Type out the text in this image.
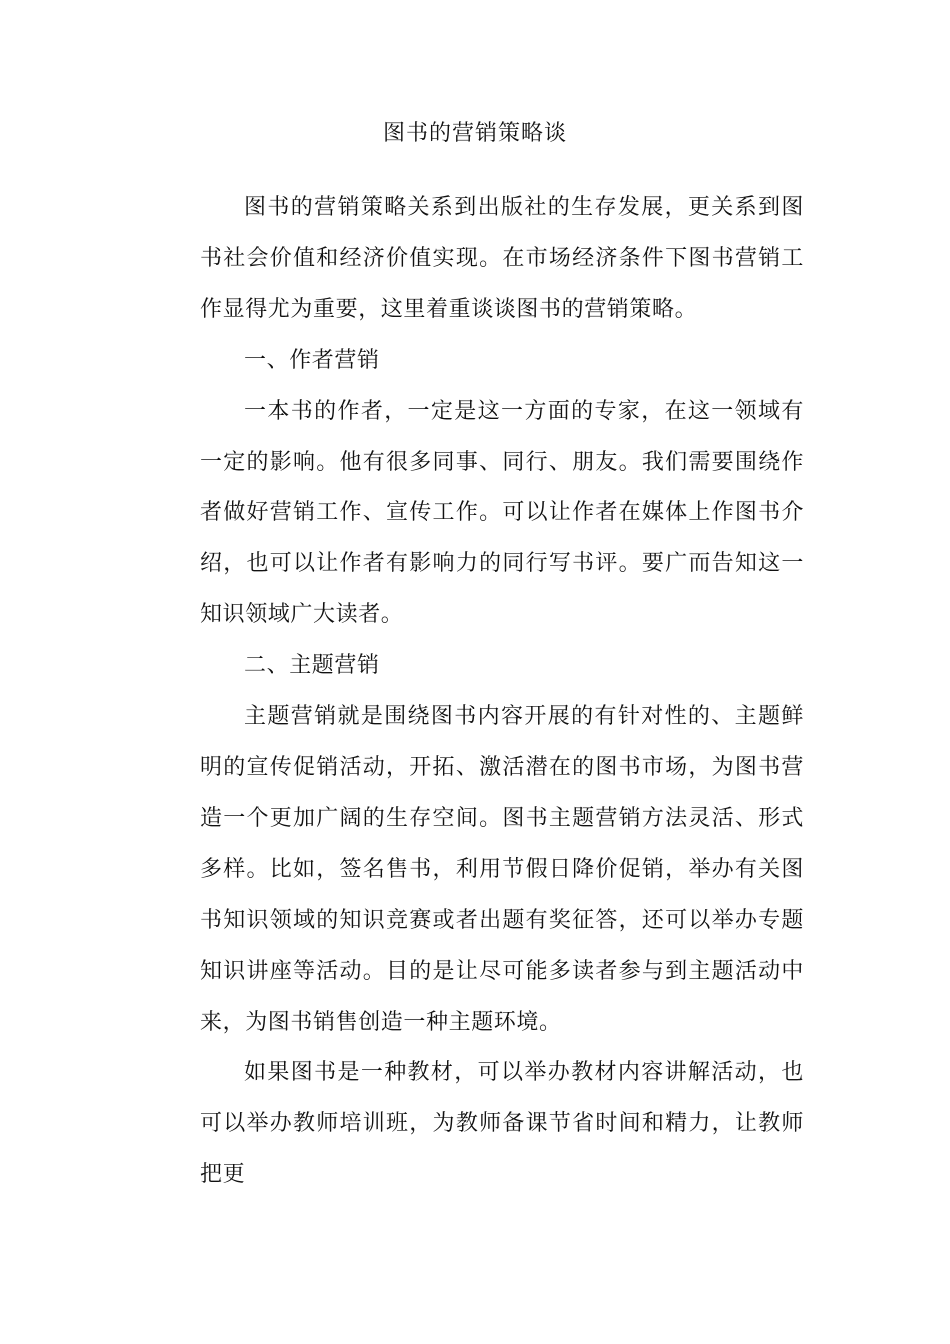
图书的营销策略谈

图书的营销策略关系到出版社的生存发展，更关系到图书社会价值和经济价值实现。在市场经济条件下图书营销工作显得尤为重要，这里着重谈谈图书的营销策略。

一、作者营销

一本书的作者，一定是这一方面的专家，在这一领域有一定的影响。他有很多同事、同行、朋友。我们需要围绕作者做好营销工作、宣传工作。可以让作者在媒体上作图书介绍，也可以让作者有影响力的同行写书评。要广而告知这一知识领域广大读者。

二、主题营销

主题营销就是围绕图书内容开展的有针对性的、主题鲜明的宣传促销活动，开拓、激活潜在的图书市场，为图书营造一个更加广阔的生存空间。图书主题营销方法灵活、形式多样。比如，签名售书，利用节假日降价促销，举办有关图书知识领域的知识竞赛或者出题有奖征答，还可以举办专题知识讲座等活动。目的是让尽可能多读者参与到主题活动中来，为图书销售创造一种主题环境。

如果图书是一种教材，可以举办教材内容讲解活动，也可以举办教师培训班，为教师备课节省时间和精力，让教师把更
